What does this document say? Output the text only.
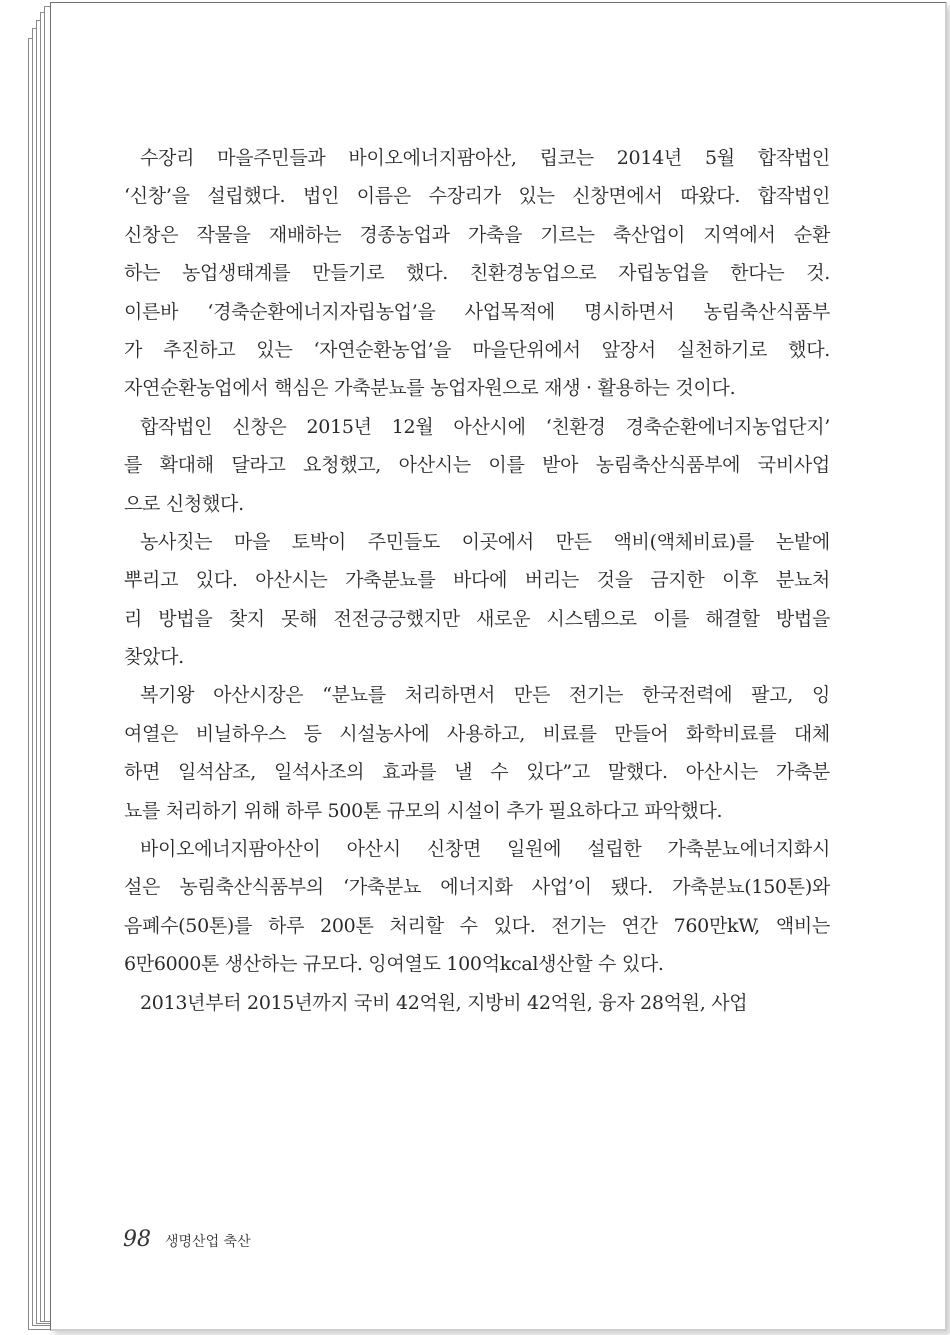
수장리 마을주민들과 바이오에너지팜아산, 립코는 2014년 5월 합작법인
‘신창’을 설립했다. 법인 이름은 수장리가 있는 신창면에서 따왔다. 합작법인
신창은 작물을 재배하는 경종농업과 가축을 기르는 축산업이 지역에서 순환
하는 농업생태계를 만들기로 했다. 친환경농업으로 자립농업을 한다는 것.
이른바 ‘경축순환에너지자립농업’을 사업목적에 명시하면서 농림축산식품부
가 추진하고 있는 ‘자연순환농업’을 마을단위에서 앞장서 실천하기로 했다.
자연순환농업에서 핵심은 가축분뇨를 농업자원으로 재생 · 활용하는 것이다.
합작법인 신창은 2015년 12월 아산시에 ‘친환경 경축순환에너지농업단지’
를 확대해 달라고 요청했고, 아산시는 이를 받아 농림축산식품부에 국비사업
으로 신청했다.
농사짓는 마을 토박이 주민들도 이곳에서 만든 액비(액체비료)를 논밭에
뿌리고 있다. 아산시는 가축분뇨를 바다에 버리는 것을 금지한 이후 분뇨처
리 방법을 찾지 못해 전전긍긍했지만 새로운 시스템으로 이를 해결할 방법을
찾았다.
복기왕 아산시장은 “분뇨를 처리하면서 만든 전기는 한국전력에 팔고, 잉
여열은 비닐하우스 등 시설농사에 사용하고, 비료를 만들어 화학비료를 대체
하면 일석삼조, 일석사조의 효과를 낼 수 있다”고 말했다. 아산시는 가축분
뇨를 처리하기 위해 하루 500톤 규모의 시설이 추가 필요하다고 파악했다.
바이오에너지팜아산이 아산시 신창면 일원에 설립한 가축분뇨에너지화시
설은 농림축산식품부의 ‘가축분뇨 에너지화 사업’이 됐다. 가축분뇨(150톤)와
음폐수(50톤)를 하루 200톤 처리할 수 있다. 전기는 연간 760만kW, 액비는
6만6000톤 생산하는 규모다. 잉여열도 100억kcal생산할 수 있다.
2013년부터 2015년까지 국비 42억원, 지방비 42억원, 융자 28억원, 사업
98 생명산업 축산
